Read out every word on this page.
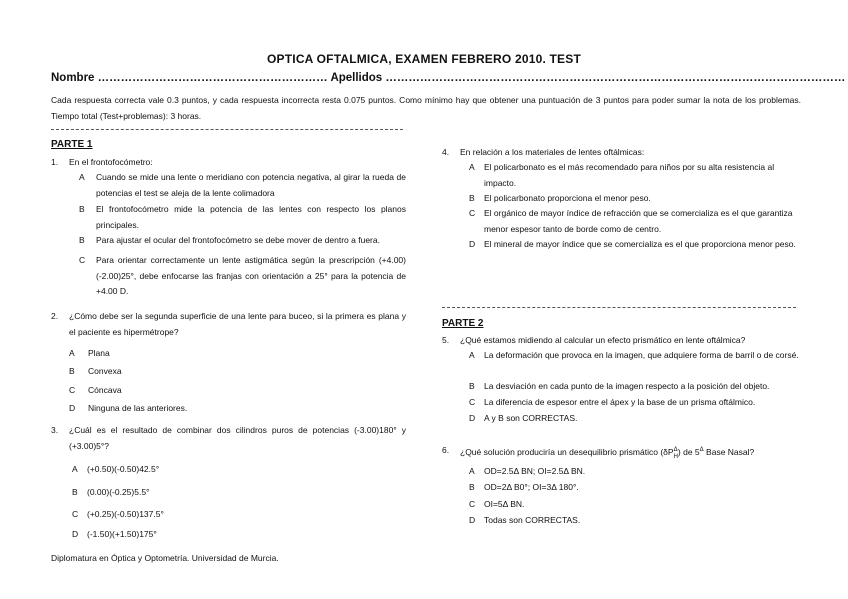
OPTICA OFTALMICA, EXAMEN FEBRERO 2010. TEST
Nombre …………………………………………………… Apellidos …………………………………………………………………………………………………………
Cada respuesta correcta vale 0.3 puntos, y cada respuesta incorrecta resta 0.075 puntos. Como mínimo hay que obtener una puntuación de 3 puntos para poder sumar la nota de los problemas. Tiempo total (Test+problemas): 3 horas.
PARTE 1
1. En el frontofocómetro:
A Cuando se mide una lente o meridiano con potencia negativa, al girar la rueda de potencias el test se aleja de la lente colimadora
B El frontofocómetro mide la potencia de las lentes con respecto los planos principales.
B Para ajustar el ocular del frontofocómetro se debe mover de dentro a fuera.
C Para orientar correctamente un lente astigmática según la prescripción (+4.00)(-2.00)25°, debe enfocarse las franjas con orientación a 25° para la potencia de +4.00 D.
2. ¿Cómo debe ser la segunda superficie de una lente para buceo, si la primera es plana y el paciente es hipermétrope?
A Plana
B Convexa
C Cóncava
D Ninguna de las anteriores.
3. ¿Cuál es el resultado de combinar dos cilindros puros de potencias (-3.00)180° y (+3.00)5°?
A (+0.50)(-0.50)42.5°
B (0.00)(-0.25)5.5°
C (+0.25)(-0.50)137.5°
D (-1.50)(+1.50)175°
Diplomatura en Óptica y Optometría. Universidad de Murcia.
4. En relación a los materiales de lentes oftálmicas:
A El policarbonato es el más recomendado para niños por su alta resistencia al impacto.
B El policarbonato proporciona el menor peso.
C El orgánico de mayor índice de refracción que se comercializa es el que garantiza menor espesor tanto de borde como de centro.
D El mineral de mayor índice que se comercializa es el que proporciona menor peso.
PARTE 2
5. ¿Qué estamos midiendo al calcular un efecto prismático en lente oftálmica?
A La deformación que provoca en la imagen, que adquiere forma de barril o de corsé.
B La desviación en cada punto de la imagen respecto a la posición del objeto.
C La diferencia de espesor entre el ápex y la base de un prisma oftálmico.
D A y B son CORRECTAS.
6. ¿Qué solución produciría un desequilibrio prismático $(\delta P^\Delta_H)$ de $5^\Delta$ Base Nasal?
A OD=2.5Δ BN; OI=2.5Δ BN.
B OD=2Δ B0°; OI=3Δ 180°.
C OI=5Δ BN.
D Todas son CORRECTAS.
